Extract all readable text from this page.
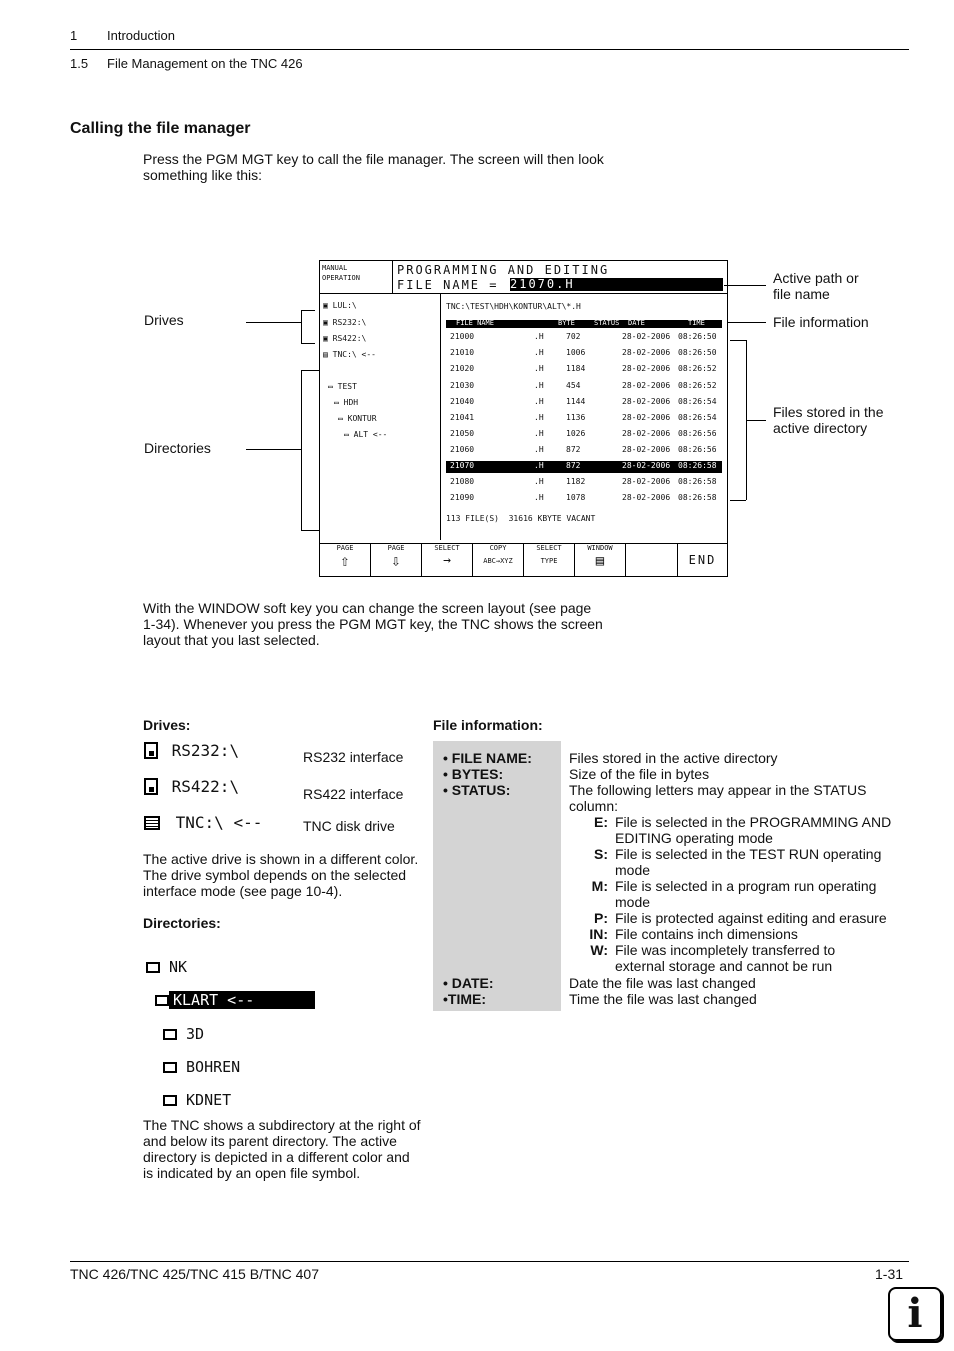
1 Introduction
1.5 File Management on the TNC 426
Calling the file manager
Press the PGM MGT key to call the file manager. The screen will then look
something like this:
Drives
Directories
Active path or
file name
File information
Files stored in the
active directory
MANUAL
OPERATION
PROGRAMMING AND EDITING
FILE NAME = 21070.H
▣ LUL:\
▣ RS232:\
▣ RS422:\
▤ TNC:\ <--
▭ TEST
▭ HDH
▭ KONTUR
▭ ALT <--
TNC:\TEST\HDH\KONTUR\ALT\*.H
FILE NAME	BYTE	STATUS DATE	TIME
21000	.H	702	28-02-2006 08:26:50
21010	.H	1006	28-02-2006 08:26:50
21020	.H	1184	28-02-2006 08:26:52
21030	.H	454	28-02-2006 08:26:52
21040	.H	1144	28-02-2006 08:26:54
21041	.H	1136	28-02-2006 08:26:54
21050	.H	1026	28-02-2006 08:26:56
21060	.H	872	28-02-2006 08:26:56
21070	.H	872	28-02-2006 08:26:58
21080	.H	1182	28-02-2006 08:26:58
21090	.H	1078	28-02-2006 08:26:58
113 FILE(S)  31616 KBYTE VACANT
PAGE
⇧
PAGE
⇩
SELECT
→
COPY
ABC→XYZ
SELECT
TYPE
WINDOW
▤	END
With the WINDOW soft key you can change the screen layout (see page
1-34). Whenever you press the PGM MGT key, the TNC shows the screen
layout that you last selected.
Drives:
RS232:\	RS232 interface
RS422:\	RS422 interface
TNC:\ <--	TNC disk drive
The active drive is shown in a different color.
The drive symbol depends on the selected
interface mode (see page 10-4).
Directories:
NK
KLART <--
3D
BOHREN
KDNET
The TNC shows a subdirectory at the right of
and below its parent directory. The active
directory is depicted in a different color and
is indicated by an open file symbol.
File information:
• FILE NAME:	Files stored in the active directory
• BYTES:	Size of the file in bytes
• STATUS:	The following letters may appear in the STATUS
column:
E: File is selected in the PROGRAMMING AND
EDITING operating mode
S: File is selected in the TEST RUN operating
mode
M: File is selected in a program run operating
mode
P: File is protected against editing and erasure
IN: File contains inch dimensions
W: File was incompletely transferred to
external storage and cannot be run
• DATE:	Date the file was last changed
•TIME:	Time the file was last changed
TNC 426/TNC 425/TNC 415 B/TNC 407	1-31
i
